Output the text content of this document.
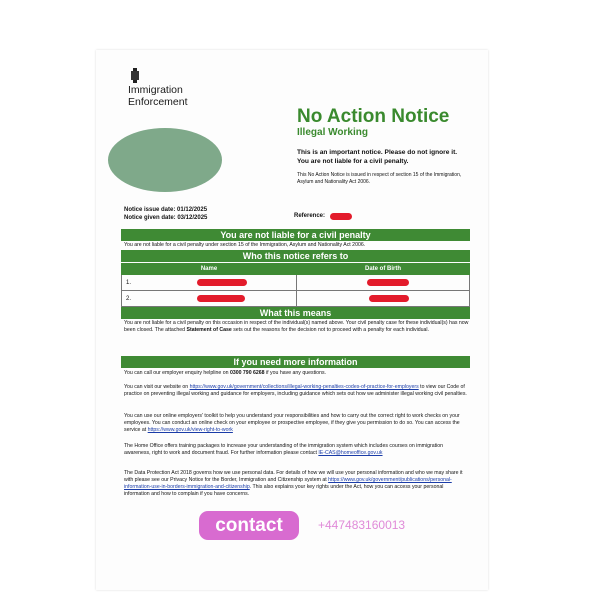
Immigration
Enforcement
No Action Notice
Illegal Working
This is an important notice. Please do not ignore it.
You are not liable for a civil penalty.
This No Action Notice is issued in respect of section 15 of the Immigration, Asylum and Nationality Act 2006.
Notice issue date: 01/12/2025
Notice given date: 03/12/2025	Reference:
You are not liable for a civil penalty
You are not liable for a civil penalty under section 15 of the Immigration, Asylum and Nationality Act 2006.
Who this notice refers to
Name	Date of Birth
1.

2.

What this means
You are not liable for a civil penalty on this occasion in respect of the individual(s) named above. Your civil penalty case for these individual(s) has now been closed. The attached Statement of Case sets out the reasons for the decision not to proceed with a penalty for each individual.
If you need more information
You can call our employer enquiry helpline on 0300 790 6268 if you have any questions.
You can visit our website on https://www.gov.uk/government/collections/illegal-working-penalties-codes-of-practice-for-employers to view our Code of practice on preventing illegal working and guidance for employers, including guidance which sets out how we administer illegal working civil penalties.
You can use our online employers' toolkit to help you understand your responsibilities and how to carry out the correct right to work checks on your employees. You can conduct an online check on your employee or prospective employee, if they give you permission to do so. You can access the service at https://www.gov.uk/view-right-to-work
The Home Office offers training packages to increase your understanding of the immigration system which includes courses on immigration awareness, right to work and document fraud. For further information please contact IE-CAS@homeoffice.gov.uk
The Data Protection Act 2018 governs how we use personal data. For details of how we will use your personal information and who we may share it with please see our Privacy Notice for the Border, Immigration and Citizenship system at https://www.gov.uk/government/publications/personal-information-use-in-borders-immigration-and-citizenship. This also explains your key rights under the Act, how you can access your personal information and how to complain if you have concerns.
contact	+447483160013
